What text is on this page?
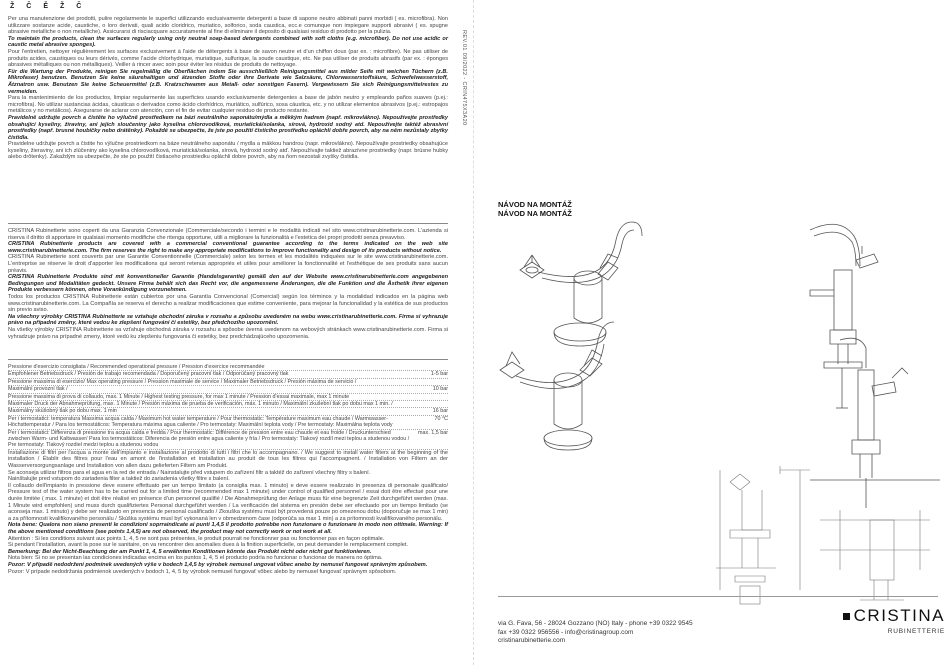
Ž Č Ě Ž Č

Per una manutenzione dei prodotti, pulire regolarmente le superfici utilizzando esclusivamente detergenti a base di sapone neutro abbinati panni morbidi ( es. microfibra). Non utilizzare sostanze acide, caustiche, o loro derivati, quali acido cloridrico, muriatico, solforico, soda caustica, ecc.e comunque non impiegare supporti abrasivi ( es. spugne abrasive metalliche o non metalliche). Assicurarsi di risciacquare accuratamente al fine di eliminare il deposito di qualsiasi residuo di prodotto per la pulizia.

To maintain the products, clean the surfaces regularly using only neutral soap-based detergents combined with soft cloths (e.g. microfiber). Do not use acidic or caustic metal abrasive sponges).

Pour l'entretien, nettoyer régulièrement les surfaces exclusivement à l'aide de détergents à base de savon neutre et d'un chiffon doux (par ex. : microfibre). Ne pas utiliser de produits acides, caustiques ou leurs dérivés, comme l'acide chlorhydrique, muriatique, sulfurique, la soude caustique, etc. Ne pas utiliser de produits abrasifs (par ex. : éponges abrasives métalliques ou non métalliques). Veiller à rincer avec soin pour éviter les résidus de produits de nettoyage.

Für die Wartung der Produkte, reinigen Sie regelmäßig die Oberflächen indem Sie ausschließlich Reinigungsmittel aus milder Seife mit weichen Tüchern (z.B. Mikrofaser) benutzen. Benutzen Sie keine säurehaltigen und ätzenden Stoffe oder ihre Derivate wie Salzsäure, Chlorwasserstoffsäure, Schwefelwasserstoff, Ätznatron usw. Benutzen Sie keine Scheuermittel (z.B. Kratzschwamm aus Metall- oder sonstigen Fasern). Vergewissern Sie sich Reinigungsmittelrestes zu vermeiden.

Para la mantenimiento de los productos, limpiar regularmente las superficies usando exclusivamente detergentes a base de jabón neutro y empleando paños suaves (p.ej.: microfibra). No utilizar sustancias ácidas, cáusticas o derivados como ácido clorhídrico, muriático, sulfúrico, sosa cáustica, etc. y no utilizar elementos abrasivos (p.ej.: estropajos metálicos y no metálicos). Asegurarse de aclarar con atención, con el fin de evitar cualquier residuo de producto restante.

Pravidelně udržujte povrch a čistěte ho výlučně prostředkem na bázi neutrálního saponátu/mýdla a měkkým hadrem (např. mikrovlákno). Nepoužívejte prostředky obsahující kyseliny, žíraviny, ani jejich sloučeniny jako kyselina chlorovodíková, muriatická/solanka, sírová, hydroxid sodný atd. Nepoužívejte taktéž abrasivní prostředky (např. brusné houbičky nebo drátěnky). Pokaždé se ubezpečte, že jste po použití čisticího prostředku opláchli dobře povrch, aby na něm nezůstaly zbytky čistidla.

Pravidelne udržujte povrch a čistite ho výlučne prostriedkom na báze neutrálneho saponátu / mydla a mäkkou handrou (napr. mikrovlákno). Nepoužívajte prostriedky obsahujúce kyseliny, žieraviny, ani ich zlúčeniny ako kyselina chlorovodíková, muriatická/solanka, sírová, hydroxid sodný atď. Nepoužívajte taktiež abrazívne prostriedky (napr. brúsne hubky alebo drôtenky). Zakaždým sa ubezpečte, že ste po použití čistiaceho prostriedku opláchli dobre povrch, aby na ňom nezostali zvyšky čistidla.

CRISTINA Rubinetterie sono coperti da una Garanzia Convenzionale (Commerciale/secondo i termini e le modalità indicati nel sito www.cristinarubinetterie.com. L'azienda si riserva il diritto di apportare in qualsiasi momento modifiche che ritenga opportune, utili a migliorare la funzionalità e l'estetica dei propri prodotti senza preavviso.

CRISTINA Rubinetterie products are covered with a commercial conventional guarantee according to the terms indicated on the web site www.cristinarubinetterie.com. The firm reserves the right to make any appropriate modifications to improve functionality and design of its products without notice.

CRISTINA Rubinetterie sont couverts par une Garantie Conventionnelle (Commerciale) selon les termes et les modalités indiquées sur le site www.cristinarubinetterie.com. L'entreprise se réserve le droit d'apporter les modifications qui seront retenus appropriés et utiles pour améliorer la fonctionnalité et l'esthétique de ses produits sans aucun préavis.

CRISTINA Rubinetterie Produkte sind mit konventioneller Garantie (Handelsgarantie) gemäß den auf der Website www.cristinarubinetterie.com angegebenen Bedingungen und Modalitäten gedeckt. Unsere Firma behält sich das Recht vor, die angemessene Änderungen, die die Funktion und die Ästhetik ihrer eigenen Produkte verbessern können, ohne Vorankündigung vorzunehmen.

Todos los productos CRISTINA Rubinetterie están cubiertos por una Garantía Convencional (Comercial) según los términos y la modalidad indicados en la página web www.cristinarubinetterie.com. La Compañía se reserva el derecho a realizar modificaciones que estime conveniente, para mejorar la funcionalidad y la estética de sus productos sin previo aviso.

Na všechny výrobky CRISTINA Rubinetterie se vztahuje obchodní záruka v rozsahu a způsobu uvedeném na webu www.cristinarubinetterie.com. Firma si vyhrazuje právo na případné změny, které vedou ke zlepšení fungování či estetiky, bez předchozího upozornění.

Na všetky výrobky CRISTINA Rubinetterie sa vzťahuje obchodná záruka v rozsahu a spôsobe úverná uvedenom na webových stránkach www.cristinarubinetterie.com. Firma si vyhradzuje právo na prípadné zmeny, ktoré vedú ku zlepšeniu fungovania či estetiky, bez predchádzajúceho upozornenia.

Pressione d'esercizio consigliata / Recommended operational pressure / Pression d'exercice recommandée
Empfohlener Betriebsdruck / Presión de trabajo recomendada / Doporučený pracovní tlak / Odporúčaný pracovný tlak	1-5 bar
Pressione massima di esercizio/ Max operating pressure / Pression maximale de service / Maximaler Betriebsdruck / Presión máxima de servicio /
Maximální provozní tlak /	10 bar
Pressione massima di prova di collaudo, max. 1 Minute / Highest testing pressure, for max 1 minute / Pression d'essai maximale, max 1 minute
Maximaler Druck der Abnahmeprüfung, max. 1 Minute / Presión máxima de prueba de verificación, máx. 1 minuto / Maximální zkušební tlak po dobu max 1 min. /
Maximálny skúšobný tlak po dobu max. 1 min	16 bar
Per i termostatici: temperatura Massima acqua calda / Maximum hot water temperature / Pour thermostatic: Température maximum eau chaude / Warmwasser-Höchsttemperatur / Para los termostáticos: Temperatura máxima agua caliente / Pro termostaty: Maximální teplota vody / Pre termostaty: Maximálna teplota vody
70 °C
Per i termostatici: Differenza di pressione tra acqua calda e fredda / Pour thermostatic: Différence de pression entre eau chaude et eau froide / Druckunterschied zwischen Warm- und Kaltwasser/ Para los termostáticos: Diferencia de presión entre agua caliente y fría / Pro termostaty: Tlakový rozdíl mezi teplou a studenou vodou / Pre termostaty: Tlakový rozdiel medzi teplou a studenou vodou
max. 1,5 bar

Installazione di filtri per l'acqua a monte dell'impianto e installazione al prodotto di tutti i filtri che lo accompagnano. / We suggest to install water filters at the beginning of the installation / Établir des filtres pour l'eau en amont de l'installation et installation au produit de tous les filtres qui l'accompagnent. / Installation von Filtern an der Wasserversorgungsanlage und Installation von allen dazu gelieferten Filtern am Produkt.

Se aconseja utilizar filtros para el agua en la red de entrada / Nainstalujte před vstupem do zařízení filtr a taktéž do zařízení všechny filtry s balení.

Nainštalujte pred vstupom do zariadenia filter a taktiež do zariadenia všetky filtre s balení.

Il collaudo dell'impianto in pressione deve essere effettuato per un tempo limitato (a consiglia max. 1 minuto) e deve essere realizzato in presenza di personale qualificato/ Pressure test of the water system has to be carried out for a limited time (recommended max 1 minute) under control of qualified personnel / essai doit être effectué pour une durée limitée ( max. 1 minute) et doit être réalisé en présence d'un personnel qualifié / Die Abnahmeprüfung der Anlage muss für eine begrenzte Zeit durchgeführt werden (max. 1 Minute wird empfohlen) und muss durch qualifiziertes Personal durchgeführt werden / La verificación del sistema en presión debe ser efectuado por un tiempo limitado (se aconseja max. 1 minuto) y debe ser realizado en presencia de personal cualificado / Zkouška systému musí být provedená pouze po omezenou dobu (doporučuje se max 1 min) a za přítomnosti kvalifikovaného personálu / Skúška systému musí byť vykonaná len v obmedzenom čase (odporúča sa max 1 min) a za prítomnosti kvalifikovaného personálu.

Nota bene: Qualora non siano presenti le condizioni soprraindicate ai punti 1,4,5 il prodotto potrebbe non funzionare o funzionare in modo non ottimale. Warning: If the above mentioned conditions (see points 1,4,5) are not observed, the product may not correctly work or not work at all.

Attention : Si les conditions suivant aux points 1, 4, 5 ne sont pas présentes, le produit pourrait ne fonctionner pas ou fonctionner pas en façon optimale.

Si pendant l'installation, avant la pose sur le sanitaire, on va rencontrer des anomalies dues à la finition superficielle, on peut demander le remplacement complet.

Bemerkung: Bei der Nicht-Beachtung der am Punkt 1, 4, 5 erwähnten Konditionen könnte das Produkt nicht oder nicht gut funktionieren.

Nota bien: Si no se presentan las condiciones indicadas encima en los puntos 1, 4, 5 el producto podría no funcionar o funcionar de manera no óptima.

Pozor: V případě nedodržení podmínek uvedených výše v bodech 1,4,5 by výrobek nemusel ungovat vůbec anebo by nemusel fungovat správným způsobem.

Pozor: V prípade nedodržania podmienok uvedených v bodoch 1, 4, 5 by výrobok nemusel fungovať vôbec alebo by nemusel fungovať správnym spôsobom.

REV.01 09/2022 - CRIN475X3A20
NÁVOD NA MONTÁŽ
NÁVOD NA MONTÁŽ
via G. Fava, 56 - 28024 Gozzano (NO) Italy - phone +39 0322 9545
fax +39 0322 956556 - info@cristinagroup.com
cristinarubinetterie.com
CRISTINA
RUBINETTERIE
